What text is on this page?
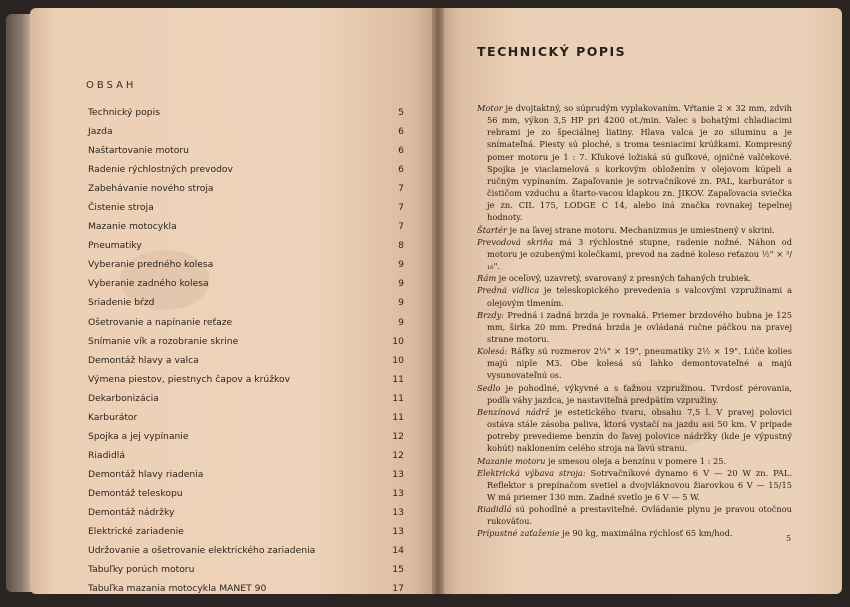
OBSAH
Technický popis	5
Jazda	6
Naštartovanie motoru	6
Radenie rýchlostných prevodov	6
Zabehávanie nového stroja	7
Čistenie stroja	7
Mazanie motocykla	7
Pneumatiky	8
Vyberanie predného kolesa	9
Vyberanie zadného kolesa	9
Sriadenie bŕzd	9
Ošetrovanie a napínanie reťaze	9
Snímanie vík a rozobranie skrine	10
Demontáž hlavy a valca	10
Výmena piestov, piestnych čapov a krúžkov	11
Dekarbonizácia	11
Karburátor	11
Spojka a jej vypínanie	12
Riadidlá	12
Demontáž hlavy riadenia	13
Demontáž teleskopu	13
Demontáž nádržky	13
Elektrické zariadenie	13
Udržovanie a ošetrovanie elektrického zariadenia	14
Tabuľky porúch motoru	15
Tabuľka mazania motocykla MANET 90	17
TECHNICKÝ POPIS

Motor je dvojtaktný, so súprudým vyplakovaním. Vŕtanie 2 × 32 mm, zdvih 56 mm, výkon 3,5 HP pri 4200 ot./min. Valec s bohatými chladiacimi rebrami je zo špeciálnej liatiny. Hlava valca je zo siluminu a je snímateľná. Piesty sú ploché, s troma tesniacimi krúžkami. Kompresný pomer motoru je 1 : 7. Kľukové ložiská sú guľkové, ojničné valčekové. Spojka je viaclamelová s korkovým obložením v olejovom kúpeli a ručným vypínaním. Zapaľovanie je sotrvačníkové zn. PAL, karburátor s čističom vzduchu a štarto-vacou klapkou zn. JIKOV. Zapaľovacia sviečka je zn. CIL 175, LODGE C 14, alebo iná značka rovnakej tepelnej hodnoty.

Štartér je na ľavej strane motoru. Mechanizmus je umiestnený v skrini.

Prevodová skriňa má 3 rýchlostné stupne, radenie nožné. Náhon od motoru je ozubenými kolečkami, prevod na zadné koleso reťazou ½" × ³/₁₆".

Rám je oceľový, uzavretý, svarovaný z presných ťahaných trubiek.

Predná vidlica je teleskopického prevedenia s valcovými vzpružinami a olejovým tlmením.

Brzdy: Predná i zadná brzda je rovnaká. Priemer brzdového bubna je 125 mm, šírka 20 mm. Predná brzda je ovládaná ručne páčkou na pravej strane motoru.

Kolesá: Ráfky sú rozmerov 2¼" × 19", pneumatiky 2½ × 19". Lúče kolies majú niple M3. Obe kolesá sú ľahko demontovateľné a majú vysunovateľnú os.

Sedlo je pohodlné, výkyvné a s ťažnou vzpružinou. Tvrdosť pérovania, podľa váhy jazdca, je nastaviteľná predpätím vzpružiny.

Benzínová nádrž je estetického tvaru, obsahu 7,5 l. V pravej polovici ostáva stále zásoba paliva, ktorá vystačí na jazdu asi 50 km. V prípade potreby prevedieme benzín do ľavej polovice nádržky (kde je výpustný kohút) naklonením celého stroja na ľavú stranu.

Mazanie motoru je smesou oleja a benzínu v pomere 1 : 25.

Elektrická výbava stroja: Sotrvačníkové dynamo 6 V — 20 W zn. PAL. Reflektor s prepínačom svetiel a dvojvláknovou žiarovkou 6 V — 15/15 W má priemer 130 mm. Zadné svetlo je 6 V — 5 W.

Riadidlá sú pohodlné a prestaviteľné. Ovládanie plynu je pravou otočnou rukoväťou.

Prípustné zaťaženie je 90 kg, maximálna rýchlosť 65 km/hod.

5
